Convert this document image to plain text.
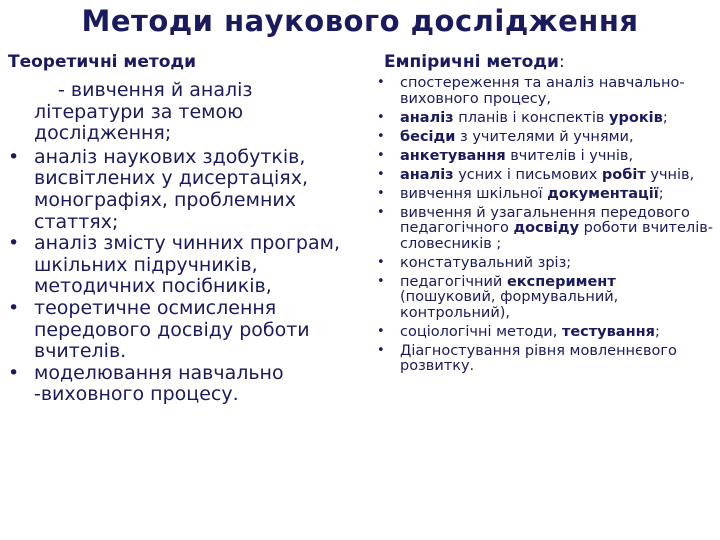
Методи наукового дослідження
Теоретичні методи	Емпіричні методи:
- вивчення й аналіз літератури за темою дослідження;
• аналіз наукових здобутків, висвітлених у дисертаціях, монографіях, проблемних статтях;
• аналіз змісту чинних програм, шкільних підручників, методичних посібників,
• теоретичне осмислення передового досвіду роботи вчителів.
• моделювання навчально -виховного процесу.
• спостереження та аналіз навчально-виховного процесу,
• аналіз планів і конспектів уроків;
• бесіди з учителями й учнями,
• анкетування вчителів і учнів,
• аналіз усних і письмових робіт учнів,
• вивчення шкільної документації;
• вивчення й узагальнення передового педагогічного досвіду роботи вчителів-словесників ;
• констатувальний зріз;
• педагогічний експеримент (пошуковий, формувальний, контрольний),
• соціологічні методи, тестування;
• Діагностування рівня мовленнєвого розвитку.
